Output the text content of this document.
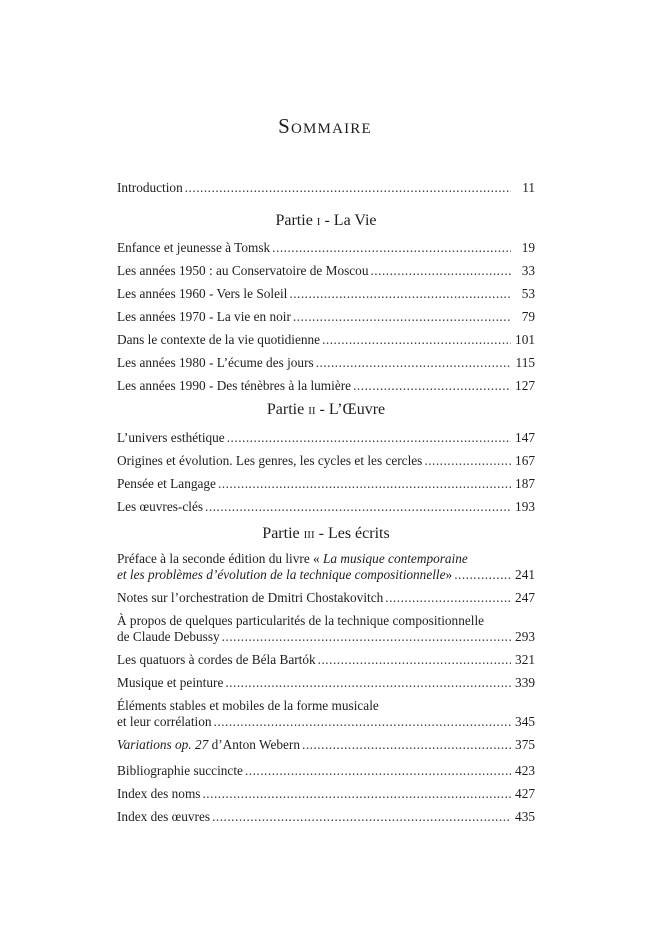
Sommaire
Introduction .....	11
Partie i - La Vie
Enfance et jeunesse à Tomsk .....	19
Les années 1950 : au Conservatoire de Moscou .....	33
Les années 1960 - Vers le Soleil .....	53
Les années 1970 - La vie en noir .....	79
Dans le contexte de la vie quotidienne .....	101
Les années 1980 - L’écume des jours .....	115
Les années 1990 - Des ténèbres à la lumière .....	127
Partie ii - L’Œuvre
L’univers esthétique .....	147
Origines et évolution. Les genres, les cycles et les cercles .....	167
Pensée et Langage .....	187
Les œuvres-clés .....	193
Partie iii - Les écrits
Préface à la seconde édition du livre « La musique contemporaine
et les problèmes d’évolution de la technique compositionnelle» .....	241
Notes sur l’orchestration de Dmitri Chostakovitch .....	247
À propos de quelques particularités de la technique compositionnelle
de Claude Debussy .....	293
Les quatuors à cordes de Béla Bartók .....	321
Musique et peinture .....	339
Éléments stables et mobiles de la forme musicale
et leur corrélation .....	345
Variations op. 27 d’Anton Webern .....	375
Bibliographie succincte .....	423
Index des noms .....	427
Index des œuvres .....	435
